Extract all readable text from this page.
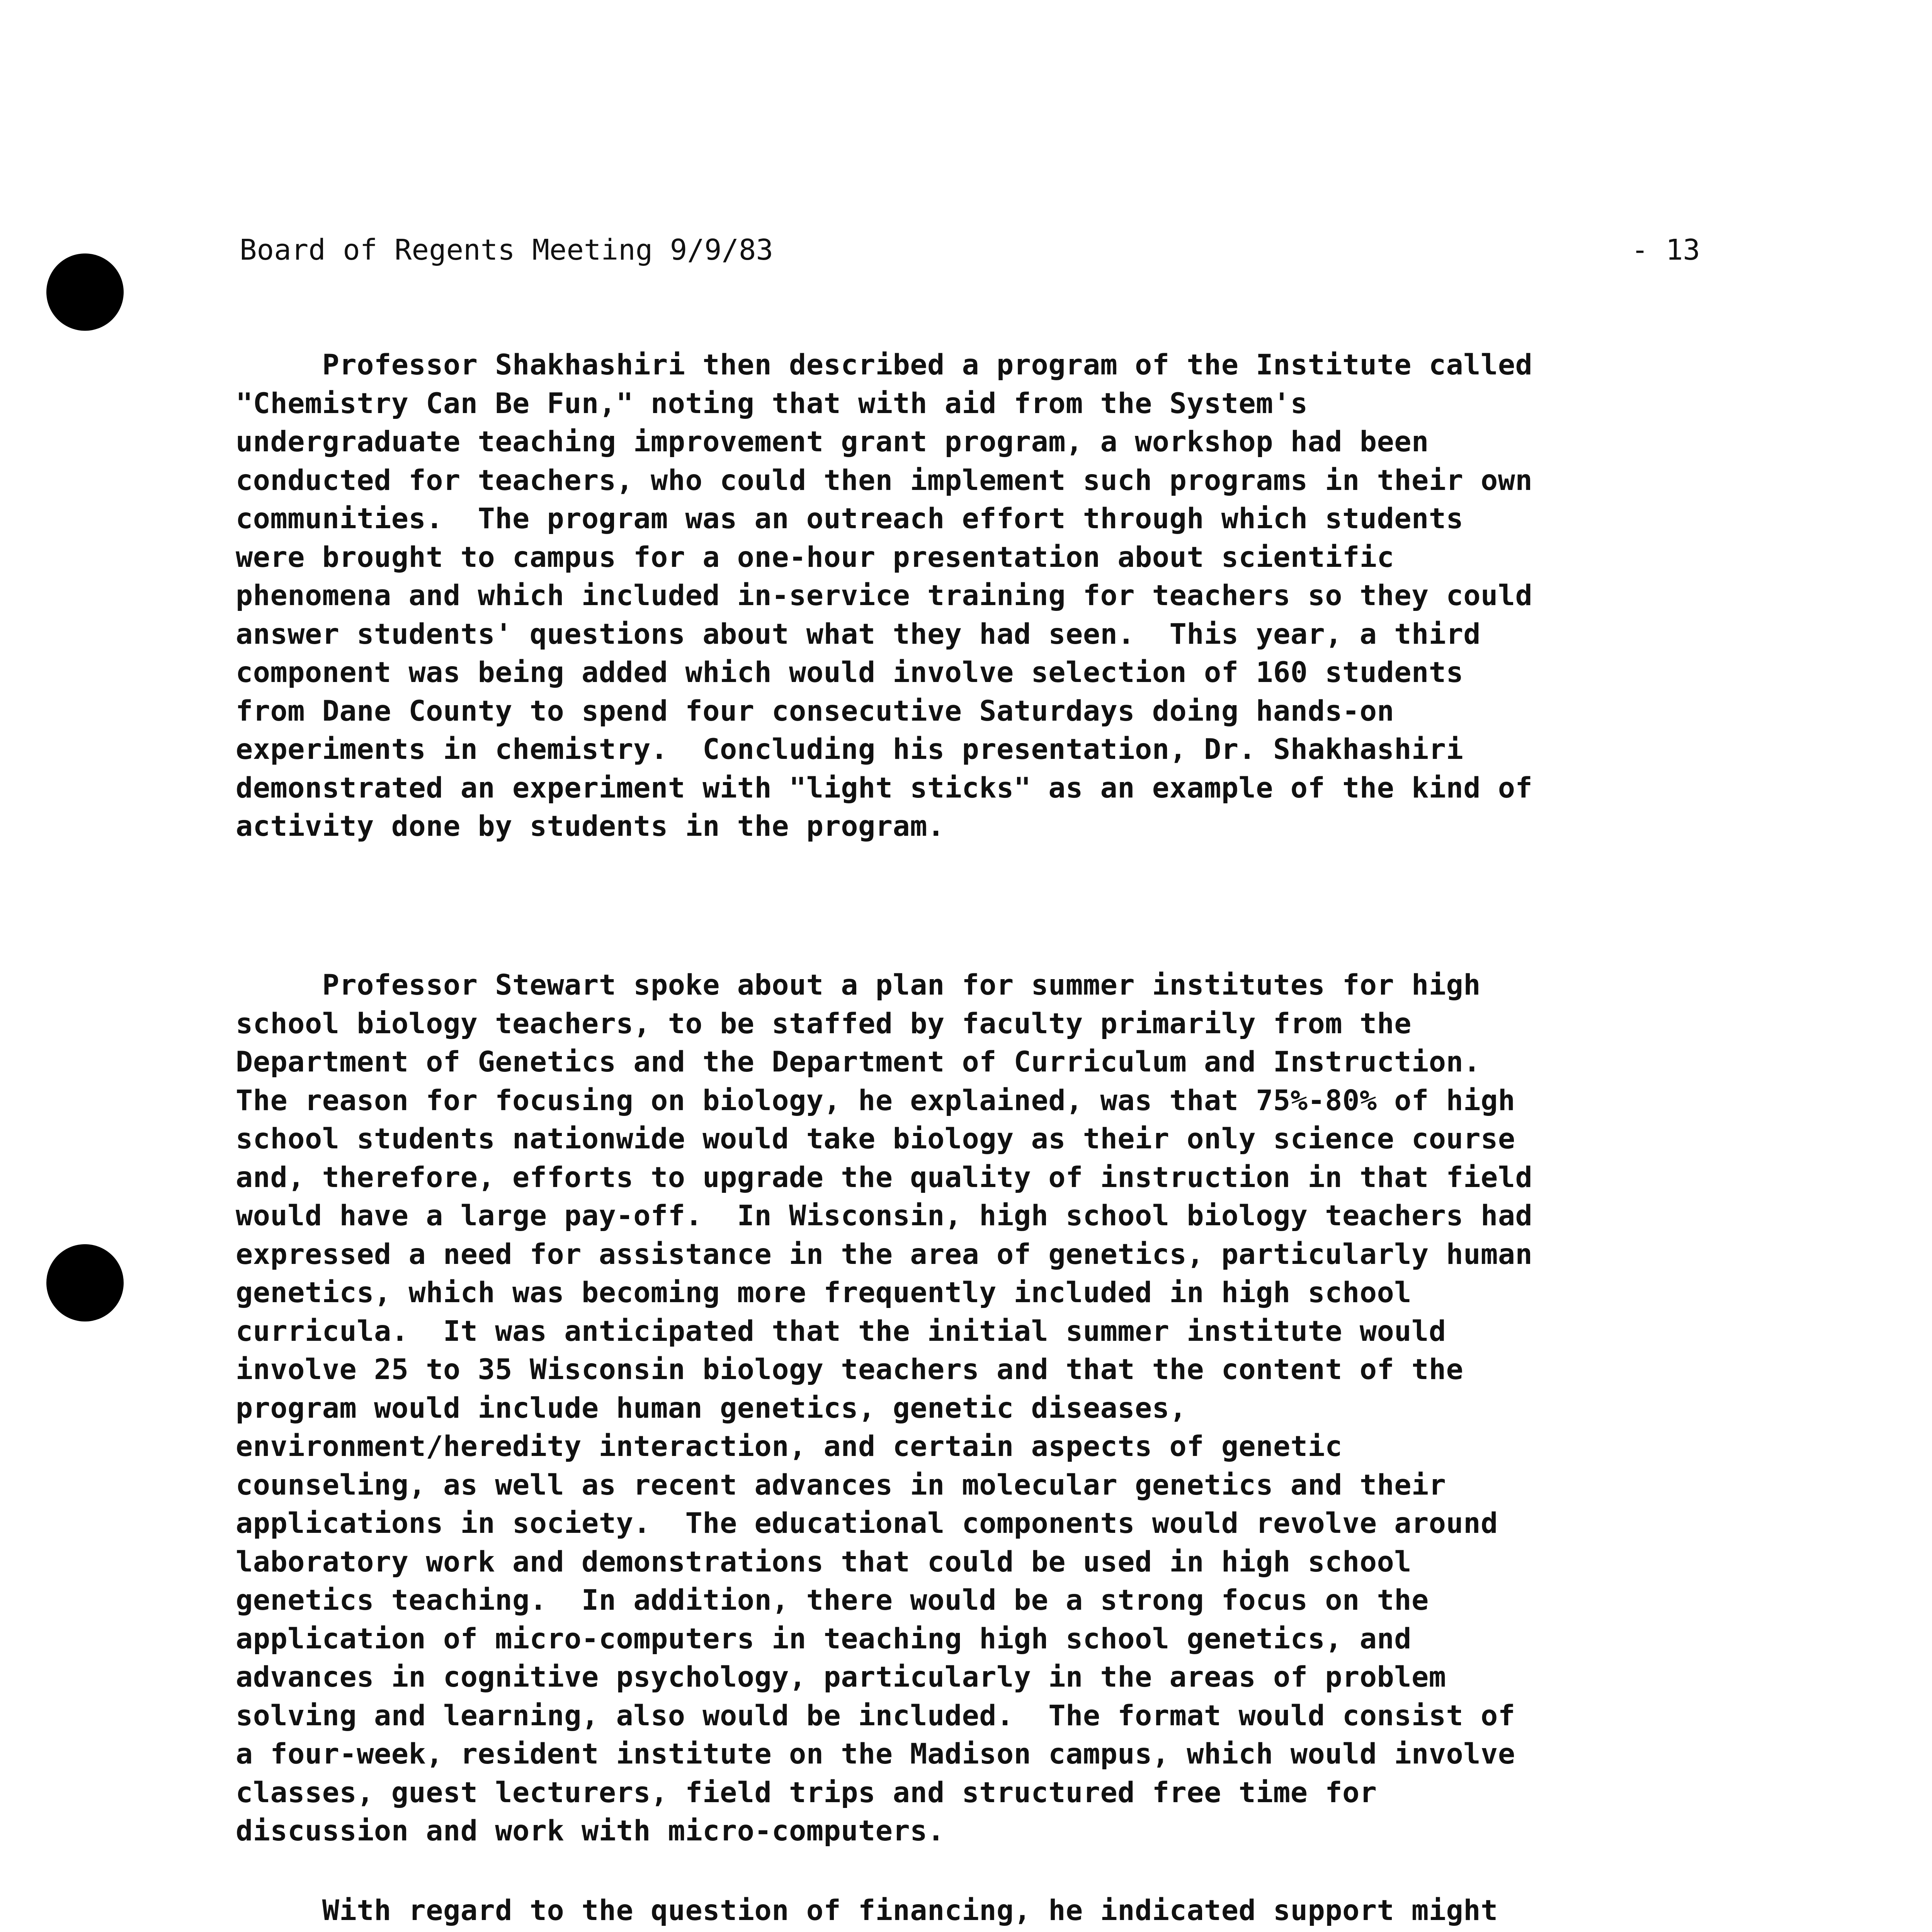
Board of Regents Meeting 9/9/83	- 13
Professor Shakhashiri then described a program of the Institute called
"Chemistry Can Be Fun," noting that with aid from the System's
undergraduate teaching improvement grant program, a workshop had been
conducted for teachers, who could then implement such programs in their own
communities.  The program was an outreach effort through which students
were brought to campus for a one-hour presentation about scientific
phenomena and which included in-service training for teachers so they could
answer students' questions about what they had seen.  This year, a third
component was being added which would involve selection of 160 students
from Dane County to spend four consecutive Saturdays doing hands-on
experiments in chemistry.  Concluding his presentation, Dr. Shakhashiri
demonstrated an experiment with "light sticks" as an example of the kind of
activity done by students in the program.
Professor Stewart spoke about a plan for summer institutes for high
school biology teachers, to be staffed by faculty primarily from the
Department of Genetics and the Department of Curriculum and Instruction.
The reason for focusing on biology, he explained, was that 75%-80% of high
school students nationwide would take biology as their only science course
and, therefore, efforts to upgrade the quality of instruction in that field
would have a large pay-off.  In Wisconsin, high school biology teachers had
expressed a need for assistance in the area of genetics, particularly human
genetics, which was becoming more frequently included in high school
curricula.  It was anticipated that the initial summer institute would
involve 25 to 35 Wisconsin biology teachers and that the content of the
program would include human genetics, genetic diseases,
environment/heredity interaction, and certain aspects of genetic
counseling, as well as recent advances in molecular genetics and their
applications in society.  The educational components would revolve around
laboratory work and demonstrations that could be used in high school
genetics teaching.  In addition, there would be a strong focus on the
application of micro-computers in teaching high school genetics, and
advances in cognitive psychology, particularly in the areas of problem
solving and learning, also would be included.  The format would consist of
a four-week, resident institute on the Madison campus, which would involve
classes, guest lecturers, field trips and structured free time for
discussion and work with micro-computers.
With regard to the question of financing, he indicated support might
